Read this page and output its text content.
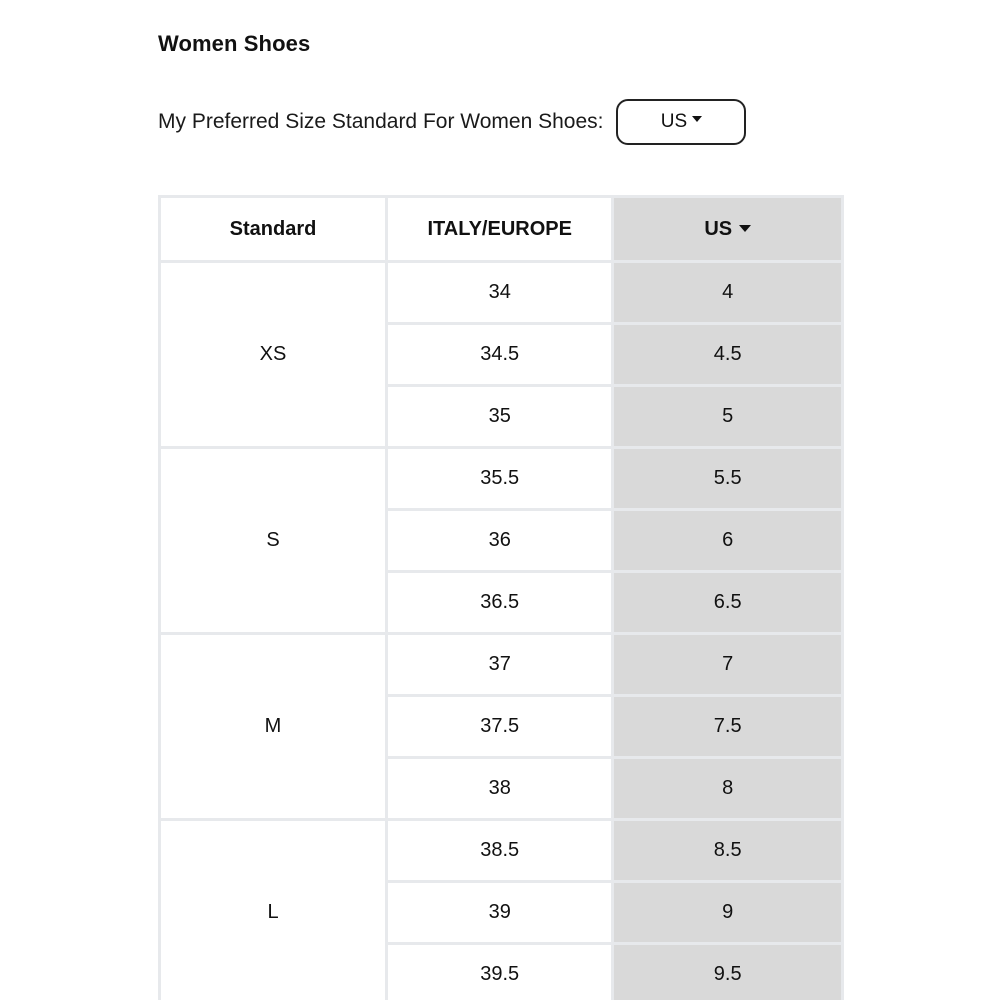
Women Shoes
My Preferred Size Standard For Women Shoes:	US
Standard	ITALY/EUROPE	US
XS	34	4
	34.5	4.5
	35	5
S	35.5	5.5
	36	6
	36.5	6.5
M	37	7
	37.5	7.5
	38	8
L	38.5	8.5
	39	9
	39.5	9.5
